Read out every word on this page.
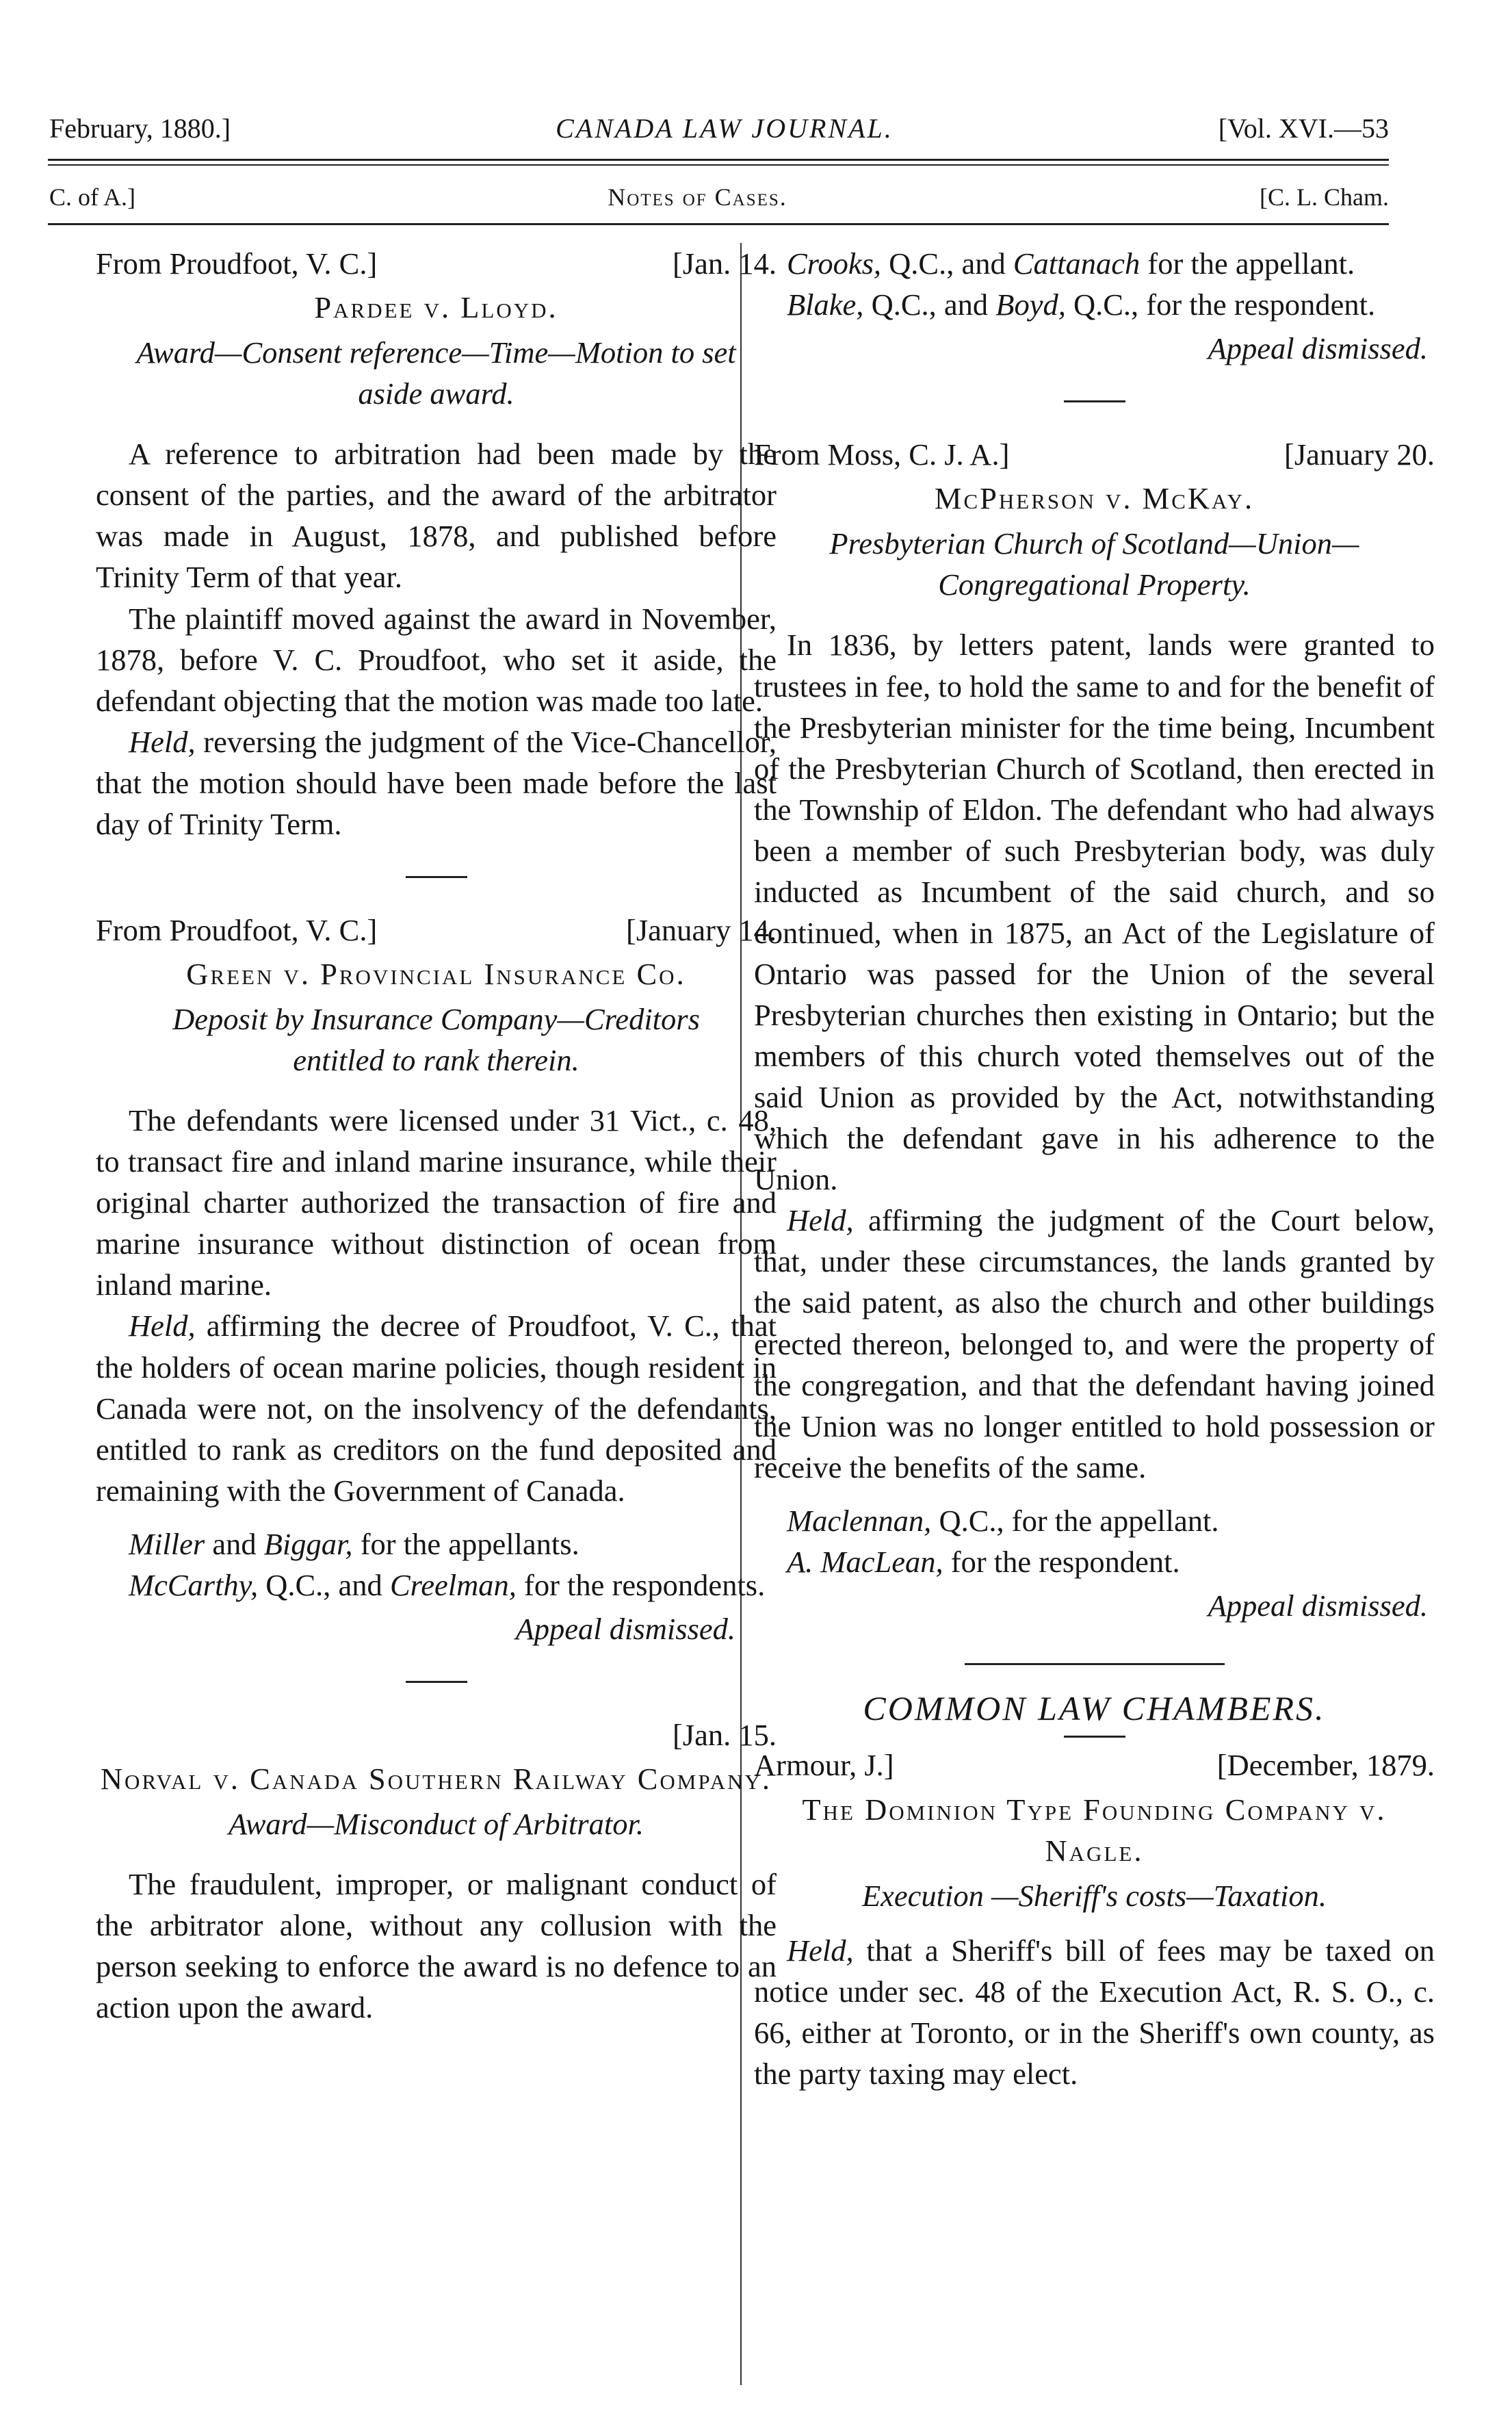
February, 1880.]	CANADA LAW JOURNAL.	[Vol. XVI.—53
C. of A.]	Notes of Cases.	[C. L. Cham.
From Proudfoot, V. C.]	[Jan. 14.
Pardee v. Lloyd.
Award—Consent reference—Time—Motion to set aside award.

A reference to arbitration had been made by the consent of the parties, and the award of the arbitrator was made in August, 1878, and published before Trinity Term of that year.

The plaintiff moved against the award in November, 1878, before V. C. Proudfoot, who set it aside, the defendant objecting that the motion was made too late.

Held, reversing the judgment of the Vice-Chancellor, that the motion should have been made before the last day of Trinity Term.

From Proudfoot, V. C.]	[January 14.
Green v. Provincial Insurance Co.
Deposit by Insurance Company—Creditors entitled to rank therein.

The defendants were licensed under 31 Vict., c. 48, to transact fire and inland marine insurance, while their original charter authorized the transaction of fire and marine insurance without distinction of ocean from inland marine.

Held, affirming the decree of Proudfoot, V. C., that the holders of ocean marine policies, though resident in Canada were not, on the insolvency of the defendants, entitled to rank as creditors on the fund deposited and remaining with the Government of Canada.

Miller and Biggar, for the appellants.

McCarthy, Q.C., and Creelman, for the respondents.

Appeal dismissed.
[Jan. 15.
Norval v. Canada Southern Railway Company.
Award—Misconduct of Arbitrator.

The fraudulent, improper, or malignant conduct of the arbitrator alone, without any collusion with the person seeking to enforce the award is no defence to an action upon the award.

Crooks, Q.C., and Cattanach for the appellant.

Blake, Q.C., and Boyd, Q.C., for the respondent.

Appeal dismissed.
From Moss, C. J. A.]	[January 20.
McPherson v. McKay.
Presbyterian Church of Scotland—Union—Congregational Property.

In 1836, by letters patent, lands were granted to trustees in fee, to hold the same to and for the benefit of the Presbyterian minister for the time being, Incumbent of the Presbyterian Church of Scotland, then erected in the Township of Eldon. The defendant who had always been a member of such Presbyterian body, was duly inducted as Incumbent of the said church, and so continued, when in 1875, an Act of the Legislature of Ontario was passed for the Union of the several Presbyterian churches then existing in Ontario; but the members of this church voted themselves out of the said Union as provided by the Act, notwithstanding which the defendant gave in his adherence to the Union.

Held, affirming the judgment of the Court below, that, under these circumstances, the lands granted by the said patent, as also the church and other buildings erected thereon, belonged to, and were the property of the congregation, and that the defendant having joined the Union was no longer entitled to hold possession or receive the benefits of the same.

Maclennan, Q.C., for the appellant.

A. MacLean, for the respondent.

Appeal dismissed.
COMMON LAW CHAMBERS.
Armour, J.]	[December, 1879.
The Dominion Type Founding Company v. Nagle.
Execution —Sheriff's costs—Taxation.

Held, that a Sheriff's bill of fees may be taxed on notice under sec. 48 of the Execution Act, R. S. O., c. 66, either at Toronto, or in the Sheriff's own county, as the party taxing may elect.
